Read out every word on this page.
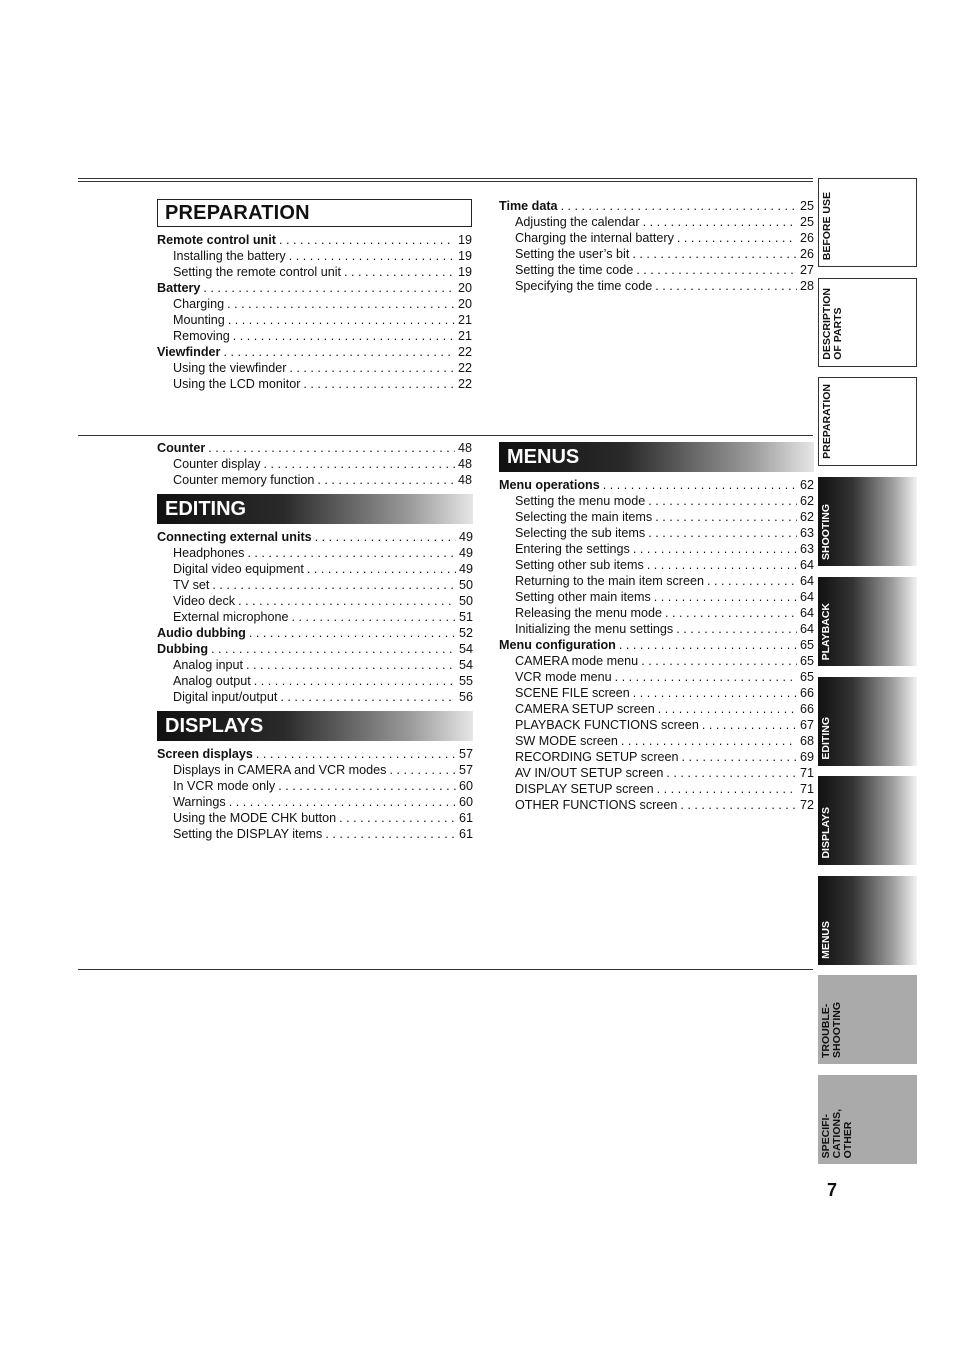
PREPARATION
Remote control unit . . .	19
Installing the battery . . .	19
Setting the remote control unit . . .	19
Battery . . .	20
Charging . . .	20
Mounting . . .	21
Removing . . .	21
Viewfinder . . .	22
Using the viewfinder . . .	22
Using the LCD monitor . . .	22
Time data . . .	25
Adjusting the calendar . . .	25
Charging the internal battery . . .	26
Setting the user’s bit . . .	26
Setting the time code . . .	27
Specifying the time code . . .	28
Counter . . .	48
Counter display . . .	48
Counter memory function . . .	48
EDITING
Connecting external units . . .	49
Headphones . . .	49
Digital video equipment . . .	49
TV set . . .	50
Video deck . . .	50
External microphone . . .	51
Audio dubbing . . .	52
Dubbing . . .	54
Analog input . . .	54
Analog output . . .	55
Digital input/output . . .	56
DISPLAYS
Screen displays . . .	57
Displays in CAMERA and VCR modes . . .	57
In VCR mode only . . .	60
Warnings . . .	60
Using the MODE CHK button . . .	61
Setting the DISPLAY items . . .	61
MENUS
Menu operations . . .	62
Setting the menu mode . . .	62
Selecting the main items . . .	62
Selecting the sub items . . .	63
Entering the settings . . .	63
Setting other sub items . . .	64
Returning to the main item screen . . .	64
Setting other main items . . .	64
Releasing the menu mode . . .	64
Initializing the menu settings . . .	64
Menu configuration . . .	65
CAMERA mode menu . . .	65
VCR mode menu . . .	65
SCENE FILE screen . . .	66
CAMERA SETUP screen . . .	66
PLAYBACK FUNCTIONS screen . . .	67
SW MODE screen . . .	68
RECORDING SETUP screen . . .	69
AV IN/OUT SETUP screen . . .	71
DISPLAY SETUP screen . . .	71
OTHER FUNCTIONS screen . . .	72
BEFORE USE
DESCRIPTION
OF PARTS
PREPARATION
SHOOTING
PLAYBACK
EDITING
DISPLAYS
MENUS
TROUBLE-
SHOOTING
SPECIFI-
CATIONS,
OTHER
7
